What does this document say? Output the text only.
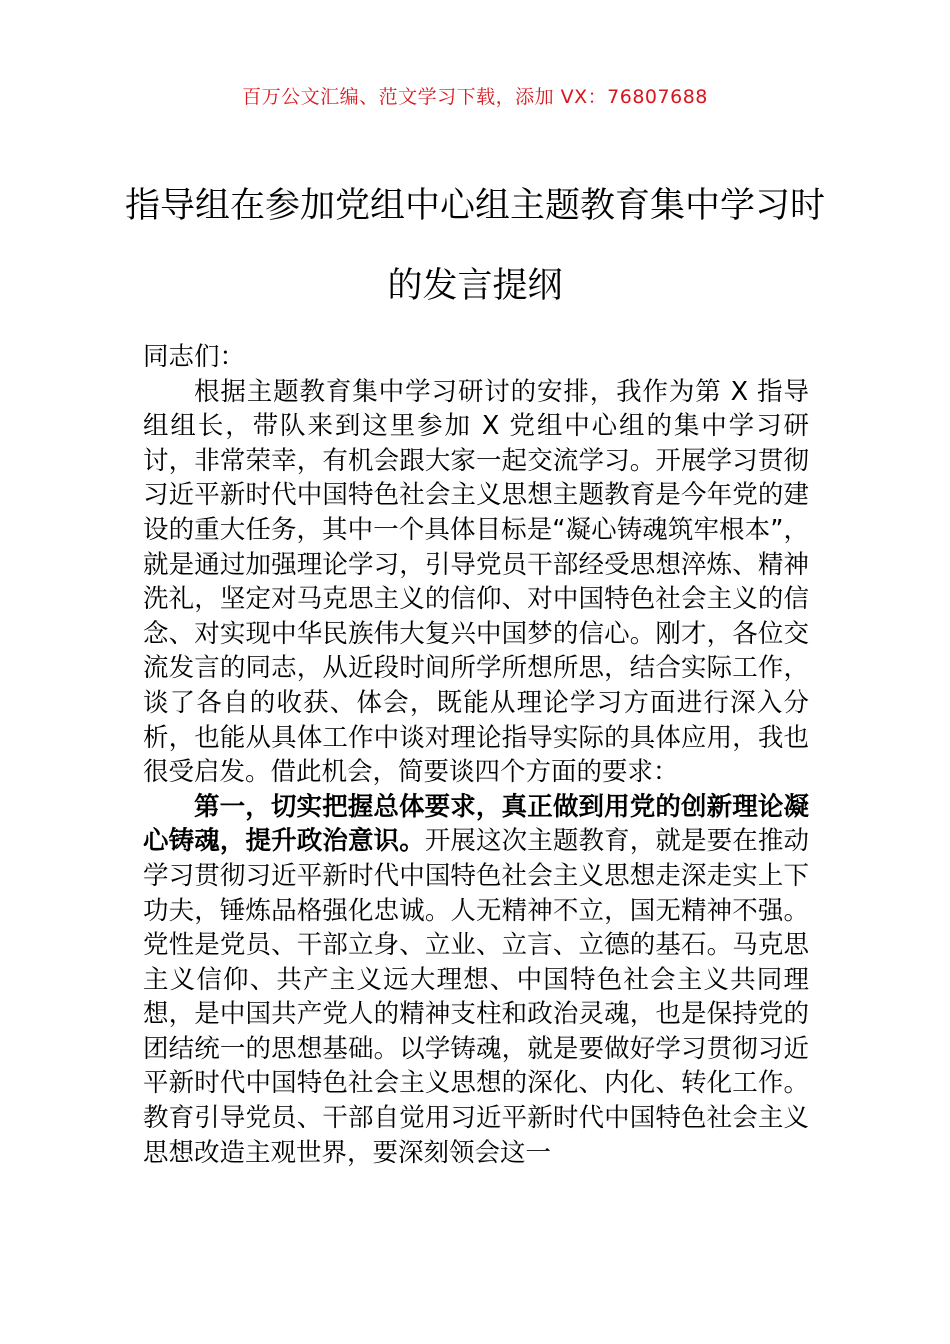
百万公文汇编、范文学习下载，添加 VX：76807688
指导组在参加党组中心组主题教育集中学习时的发言提纲

同志们：

根据主题教育集中学习研讨的安排，我作为第 X 指导组组长，带队来到这里参加 X 党组中心组的集中学习研讨，非常荣幸，有机会跟大家一起交流学习。开展学习贯彻习近平新时代中国特色社会主义思想主题教育是今年党的建设的重大任务，其中一个具体目标是“凝心铸魂筑牢根本”，就是通过加强理论学习，引导党员干部经受思想淬炼、精神洗礼，坚定对马克思主义的信仰、对中国特色社会主义的信念、对实现中华民族伟大复兴中国梦的信心。刚才，各位交流发言的同志，从近段时间所学所想所思，结合实际工作，谈了各自的收获、体会，既能从理论学习方面进行深入分析，也能从具体工作中谈对理论指导实际的具体应用，我也很受启发。借此机会，简要谈四个方面的要求：

第一，切实把握总体要求，真正做到用党的创新理论凝心铸魂，提升政治意识。开展这次主题教育，就是要在推动学习贯彻习近平新时代中国特色社会主义思想走深走实上下功夫，锤炼品格强化忠诚。人无精神不立，国无精神不强。党性是党员、干部立身、立业、立言、立德的基石。马克思主义信仰、共产主义远大理想、中国特色社会主义共同理想，是中国共产党人的精神支柱和政治灵魂，也是保持党的团结统一的思想基础。以学铸魂，就是要做好学习贯彻习近平新时代中国特色社会主义思想的深化、内化、转化工作。教育引导党员、干部自觉用习近平新时代中国特色社会主义思想改造主观世界，要深刻领会这一
